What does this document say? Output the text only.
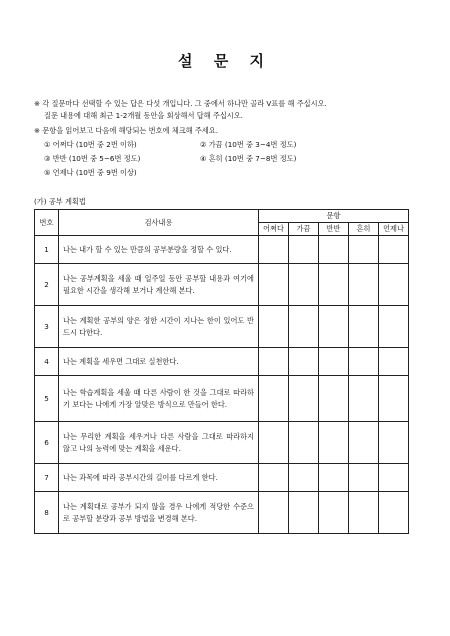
설 문 지
※ 각 질문마다 선택할 수 있는 답은 다섯 개입니다. 그 중에서 하나만 골라 V표를 해 주십시오.
질문 내용에 대해 최근 1-2개월 동안을 회상해서 답해 주십시오.
※ 문항을 읽어보고 다음에 해당되는 번호에 체크해 주세요.
① 어쩌다 (10번 중 2번 이하)	② 가끔 (10번 중 3~4번 정도)
③ 반반 (10번 중 5~6번 정도)	④ 흔히 (10번 중 7~8번 정도)
⑤ 언제나 (10번 중 9번 이상)
(가) 공부 계획법
번호	검사내용	문항				
		어쩌다	가끔	반반	흔히	언제나
1	나는 내가 할 수 있는 만큼의 공부분량을 정할 수 있다.					
2	나는 공부계획을 세울 때 일주일 동안 공부할 내용과 여기에 필요한 시간을 생각해 보거나 계산해 본다.					
3	나는 계획한 공부의 양은 정한 시간이 지나는 한이 있어도 반드시 다한다.					
4	나는 계획을 세우면 그대로 실천한다.					
5	나는 학습계획을 세울 때 다른 사람이 한 것을 그대로 따라하기 보다는 나에게 가장 알맞은 방식으로 만들어 한다.					
6	나는 무리한 계획을 세우거나 다른 사람을 그대로 따라하지 않고 나의 능력에 맞는 계획을 세운다.					
7	나는 과목에 따라 공부시간의 길이를 다르게 한다.					
8	나는 계획대로 공부가 되지 않을 경우 나에게 적당한 수준으로 공부할 분량과 공부 방법을 변경해 본다.					
